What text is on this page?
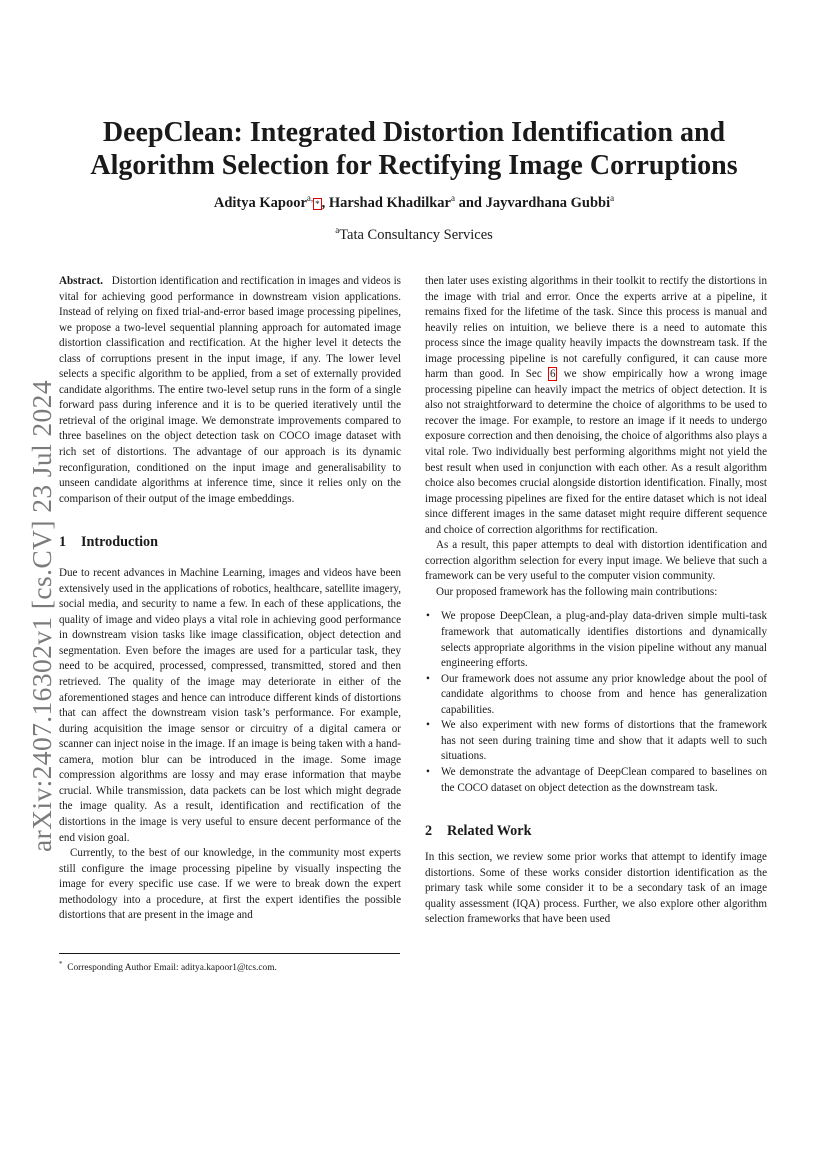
arXiv:2407.16302v1 [cs.CV] 23 Jul 2024
DeepClean: Integrated Distortion Identification and Algorithm Selection for Rectifying Image Corruptions
Aditya Kapoor$^{a,}$* , Harshad Khadilkar$^a$ and Jayvardhana Gubbi$^a$
$^a$Tata Consultancy Services

Abstract. Distortion identification and rectification in images and videos is vital for achieving good performance in downstream vision applications. Instead of relying on fixed trial-and-error based image processing pipelines, we propose a two-level sequential planning approach for automated image distortion classification and rectification. At the higher level it detects the class of corruptions present in the input image, if any. The lower level selects a specific algorithm to be applied, from a set of externally provided candidate algorithms. The entire two-level setup runs in the form of a single forward pass during inference and it is to be queried iteratively until the retrieval of the original image. We demonstrate improvements compared to three baselines on the object detection task on COCO image dataset with rich set of distortions. The advantage of our approach is its dynamic reconfiguration, conditioned on the input image and generalisability to unseen candidate algorithms at inference time, since it relies only on the comparison of their output of the image embeddings.

1 Introduction

Due to recent advances in Machine Learning, images and videos have been extensively used in the applications of robotics, healthcare, satellite imagery, social media, and security to name a few. In each of these applications, the quality of image and video plays a vital role in achieving good performance in downstream vision tasks like image classification, object detection and segmentation. Even before the images are used for a particular task, they need to be acquired, processed, compressed, transmitted, stored and then retrieved. The quality of the image may deteriorate in either of the aforementioned stages and hence can introduce different kinds of distortions that can affect the downstream vision task’s performance. For example, during acquisition the image sensor or circuitry of a digital camera or scanner can inject noise in the image. If an image is being taken with a hand-camera, motion blur can be introduced in the image. Some image compression algorithms are lossy and may erase information that maybe crucial. While transmission, data packets can be lost which might degrade the image quality. As a result, identification and rectification of the distortions in the image is very useful to ensure decent performance of the end vision goal.

Currently, to the best of our knowledge, in the community most experts still configure the image processing pipeline by visually inspecting the image for every specific use case. If we were to break down the expert methodology into a procedure, at first the expert identifies the possible distortions that are present in the image and

* Corresponding Author Email: aditya.kapoor1@tcs.com.

then later uses existing algorithms in their toolkit to rectify the distortions in the image with trial and error. Once the experts arrive at a pipeline, it remains fixed for the lifetime of the task. Since this process is manual and heavily relies on intuition, we believe there is a need to automate this process since the image quality heavily impacts the downstream task. If the image processing pipeline is not carefully configured, it can cause more harm than good. In Sec 6 we show empirically how a wrong image processing pipeline can heavily impact the metrics of object detection. It is also not straightforward to determine the choice of algorithms to be used to recover the image. For example, to restore an image if it needs to undergo exposure correction and then denoising, the choice of algorithms also plays a vital role. Two individually best performing algorithms might not yield the best result when used in conjunction with each other. As a result algorithm choice also becomes crucial alongside distortion identification. Finally, most image processing pipelines are fixed for the entire dataset which is not ideal since different images in the same dataset might require different sequence and choice of correction algorithms for rectification.

As a result, this paper attempts to deal with distortion identification and correction algorithm selection for every input image. We believe that such a framework can be very useful to the computer vision community.

Our proposed framework has the following main contributions:

• We propose DeepClean, a plug-and-play data-driven simple multi-task framework that automatically identifies distortions and dynamically selects appropriate algorithms in the vision pipeline without any manual engineering efforts.
• Our framework does not assume any prior knowledge about the pool of candidate algorithms to choose from and hence has generalization capabilities.
• We also experiment with new forms of distortions that the framework has not seen during training time and show that it adapts well to such situations.
• We demonstrate the advantage of DeepClean compared to baselines on the COCO dataset on object detection as the downstream task.
2 Related Work

In this section, we review some prior works that attempt to identify image distortions. Some of these works consider distortion identification as the primary task while some consider it to be a secondary task of an image quality assessment (IQA) process. Further, we also explore other algorithm selection frameworks that have been used
